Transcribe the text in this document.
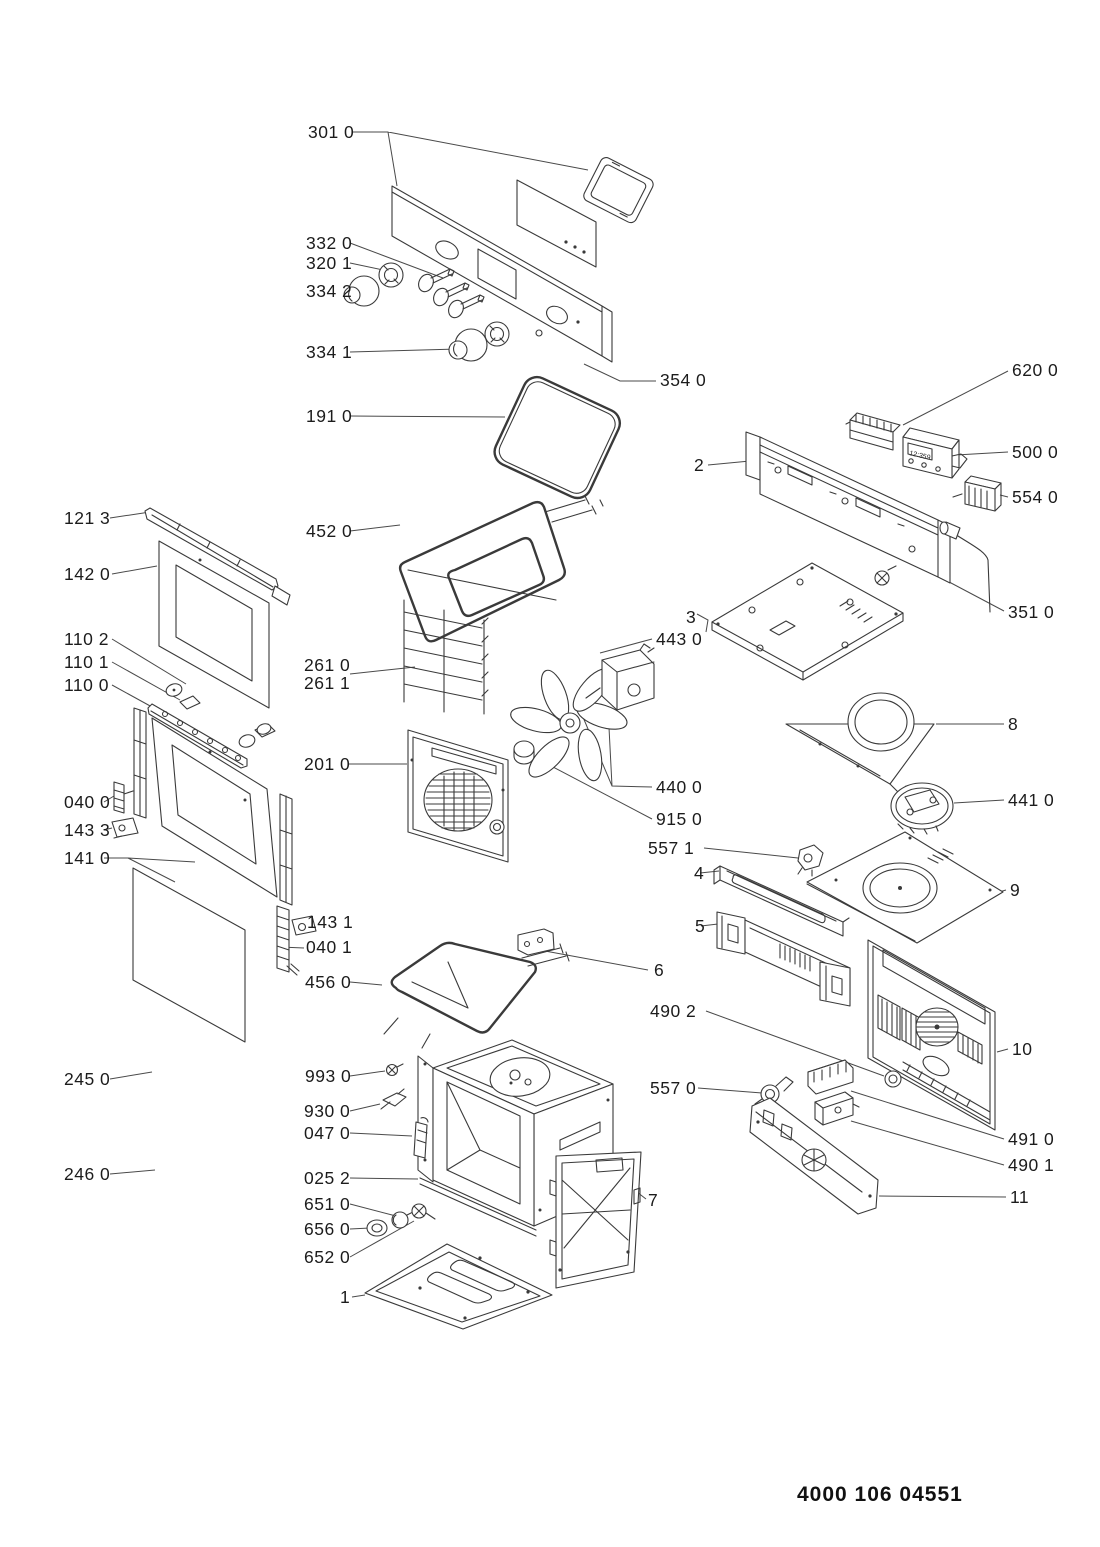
12:359
301 0
332 0
320 1
334 2
334 1
191 0
354 0	620 0
500 0
554 0
2
121 3
142 0
452 0
110 2
110 1
110 0
261 0
261 1
3
443 0
351 0
8
201 0
040 0
143 3
141 0
440 0
915 0
441 0
557 1
4
9
5
143 1
040 1
456 0
6
490 2
245 0	993 0
930 0
047 0
557 0
10
246 0	025 2
651 0
656 0
491 0
490 1
652 0
11
7
1
4000 106 04551
